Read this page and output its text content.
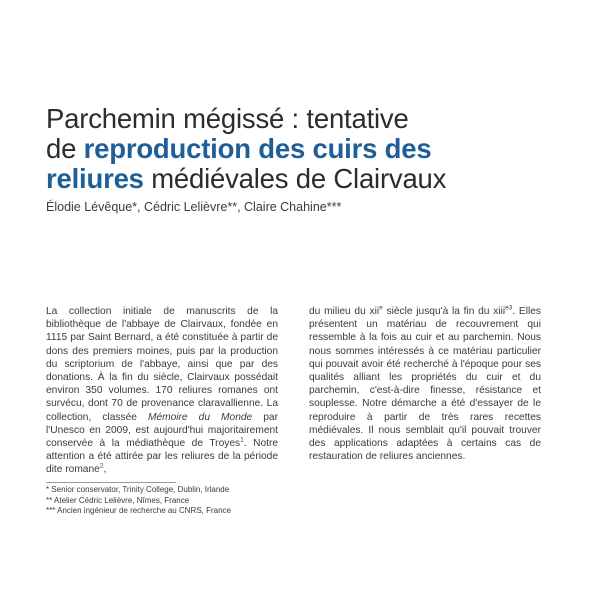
Parchemin mégissé : tentative
de reproduction des cuirs des
reliures médiévales de Clairvaux
Élodie Lévêque*, Cédric Lelièvre**, Claire Chahine***

La collection initiale de manuscrits de la bibliothèque de l'abbaye de Clairvaux, fondée en 1115 par Saint Bernard, a été constituée à partir de dons des premiers moines, puis par la production du scriptorium de l'abbaye, ainsi que par des donations. À la fin du siècle, Clairvaux possédait environ 350 volumes. 170 reliures romanes ont survécu, dont 70 de provenance claravallienne. La collection, classée Mémoire du Monde par l'Unesco en 2009, est aujourd'hui majoritairement conservée à la médiathèque de Troyes$^1$. Notre attention a été attirée par les reliures de la période dite romane$^2$,

du milieu du xii$^e$ siècle jusqu'à la fin du xiii$^{e3}$. Elles présentent un matériau de recouvrement qui ressemble à la fois au cuir et au parchemin. Nous nous sommes intéressés à ce matériau particulier qui pouvait avoir été recherché à l'époque pour ses qualités alliant les propriétés du cuir et du parchemin, c'est-à-dire finesse, résistance et souplesse. Notre démarche a été d'essayer de le reproduire à partir de très rares recettes médiévales. Il nous semblait qu'il pouvait trouver des applications adaptées à certains cas de restauration de reliures anciennes.

* Senior conservator, Trinity College, Dublin, Irlande
** Atelier Cédric Lelièvre, Nîmes, France
*** Ancien ingénieur de recherche au CNRS, France
